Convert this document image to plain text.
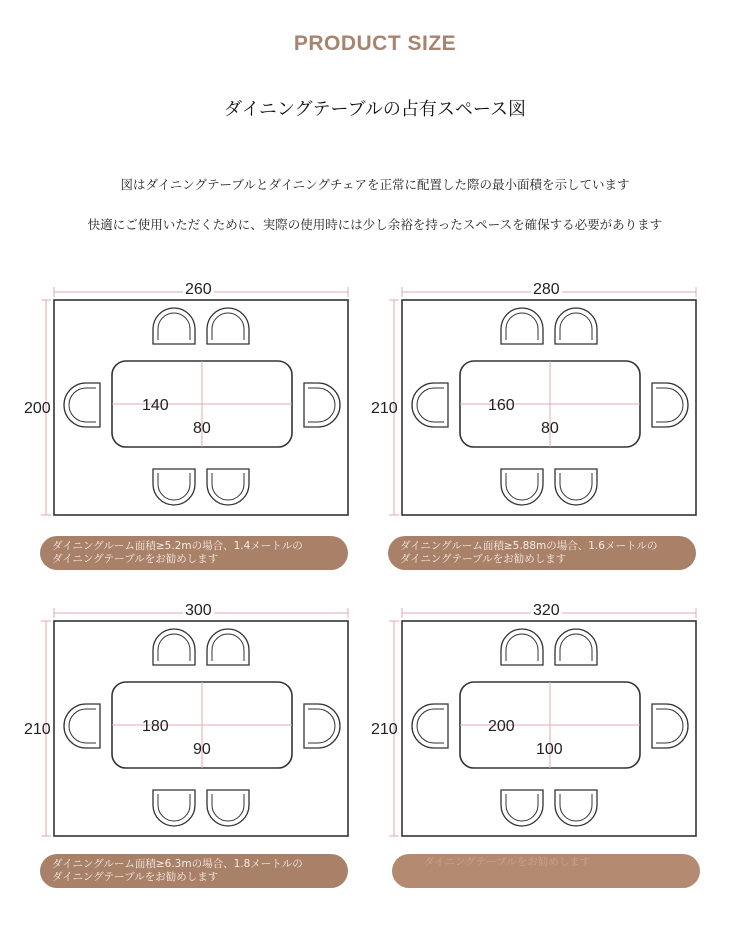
PRODUCT SIZE
ダイニングテーブルの占有スペース図
図はダイニングテーブルとダイニングチェアを正常に配置した際の最小面積を示しています
快適にご使用いただくために、実際の使用時には少し余裕を持ったスペースを確保する必要があります
260
200	140
80
ダイニングルーム面積≥5.2mの場合、1.4メートルの
ダイニングテーブルをお勧めします
280
210	160
80
ダイニングルーム面積≥5.88mの場合、1.6メートルの
ダイニングテーブルをお勧めします
300
210	180
90
ダイニングルーム面積≥6.3mの場合、1.8メートルの
ダイニングテーブルをお勧めします
320
210	200
100
ダイニングテーブルをお勧めします
